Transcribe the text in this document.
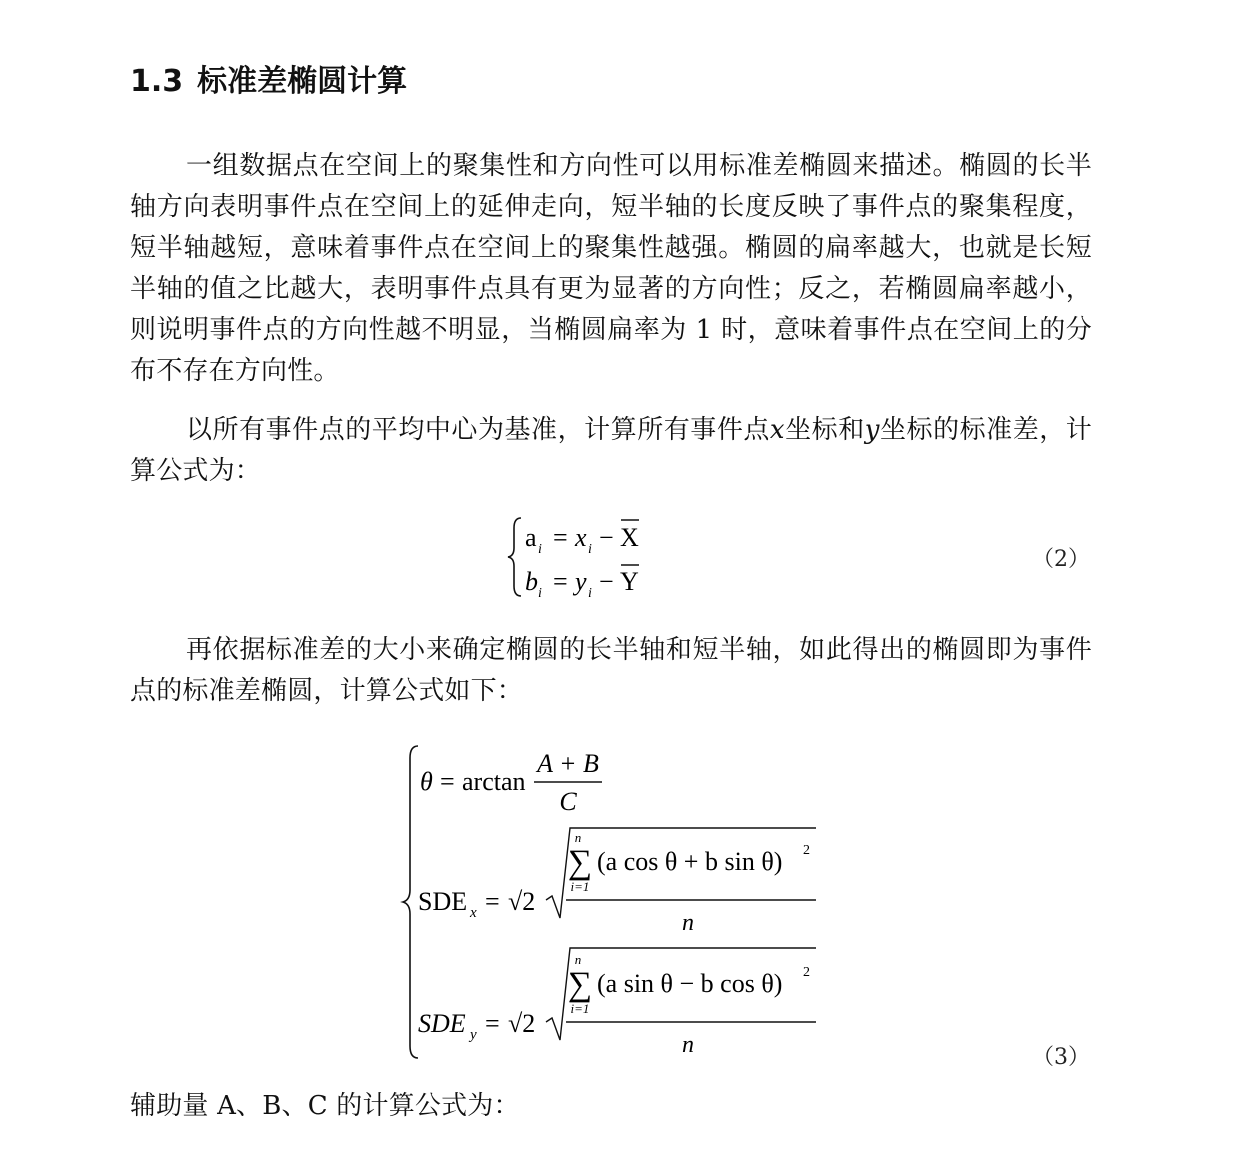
1.3 标准差椭圆计算
一组数据点在空间上的聚集性和方向性可以用标准差椭圆来描述。椭圆的长半轴方向表明事件点在空间上的延伸走向，短半轴的长度反映了事件点的聚集程度，短半轴越短，意味着事件点在空间上的聚集性越强。椭圆的扁率越大，也就是长短半轴的值之比越大，表明事件点具有更为显著的方向性；反之，若椭圆扁率越小，则说明事件点的方向性越不明显，当椭圆扁率为 1 时，意味着事件点在空间上的分布不存在方向性。
以所有事件点的平均中心为基准，计算所有事件点x坐标和y坐标的标准差，计算公式为：
a i = x i − X
b i = y i − Y
（2）
再依据标准差的大小来确定椭圆的长半轴和短半轴，如此得出的椭圆即为事件点的标准差椭圆，计算公式如下：
θ = arctan
A + B
C
SDE x = √2
n
∑
i=1
(a cos θ + b sin θ) 2
n
SDE y = √2
n
∑
i=1
(a sin θ − b cos θ) 2
n	（3）
辅助量 A、B、C 的计算公式为：
